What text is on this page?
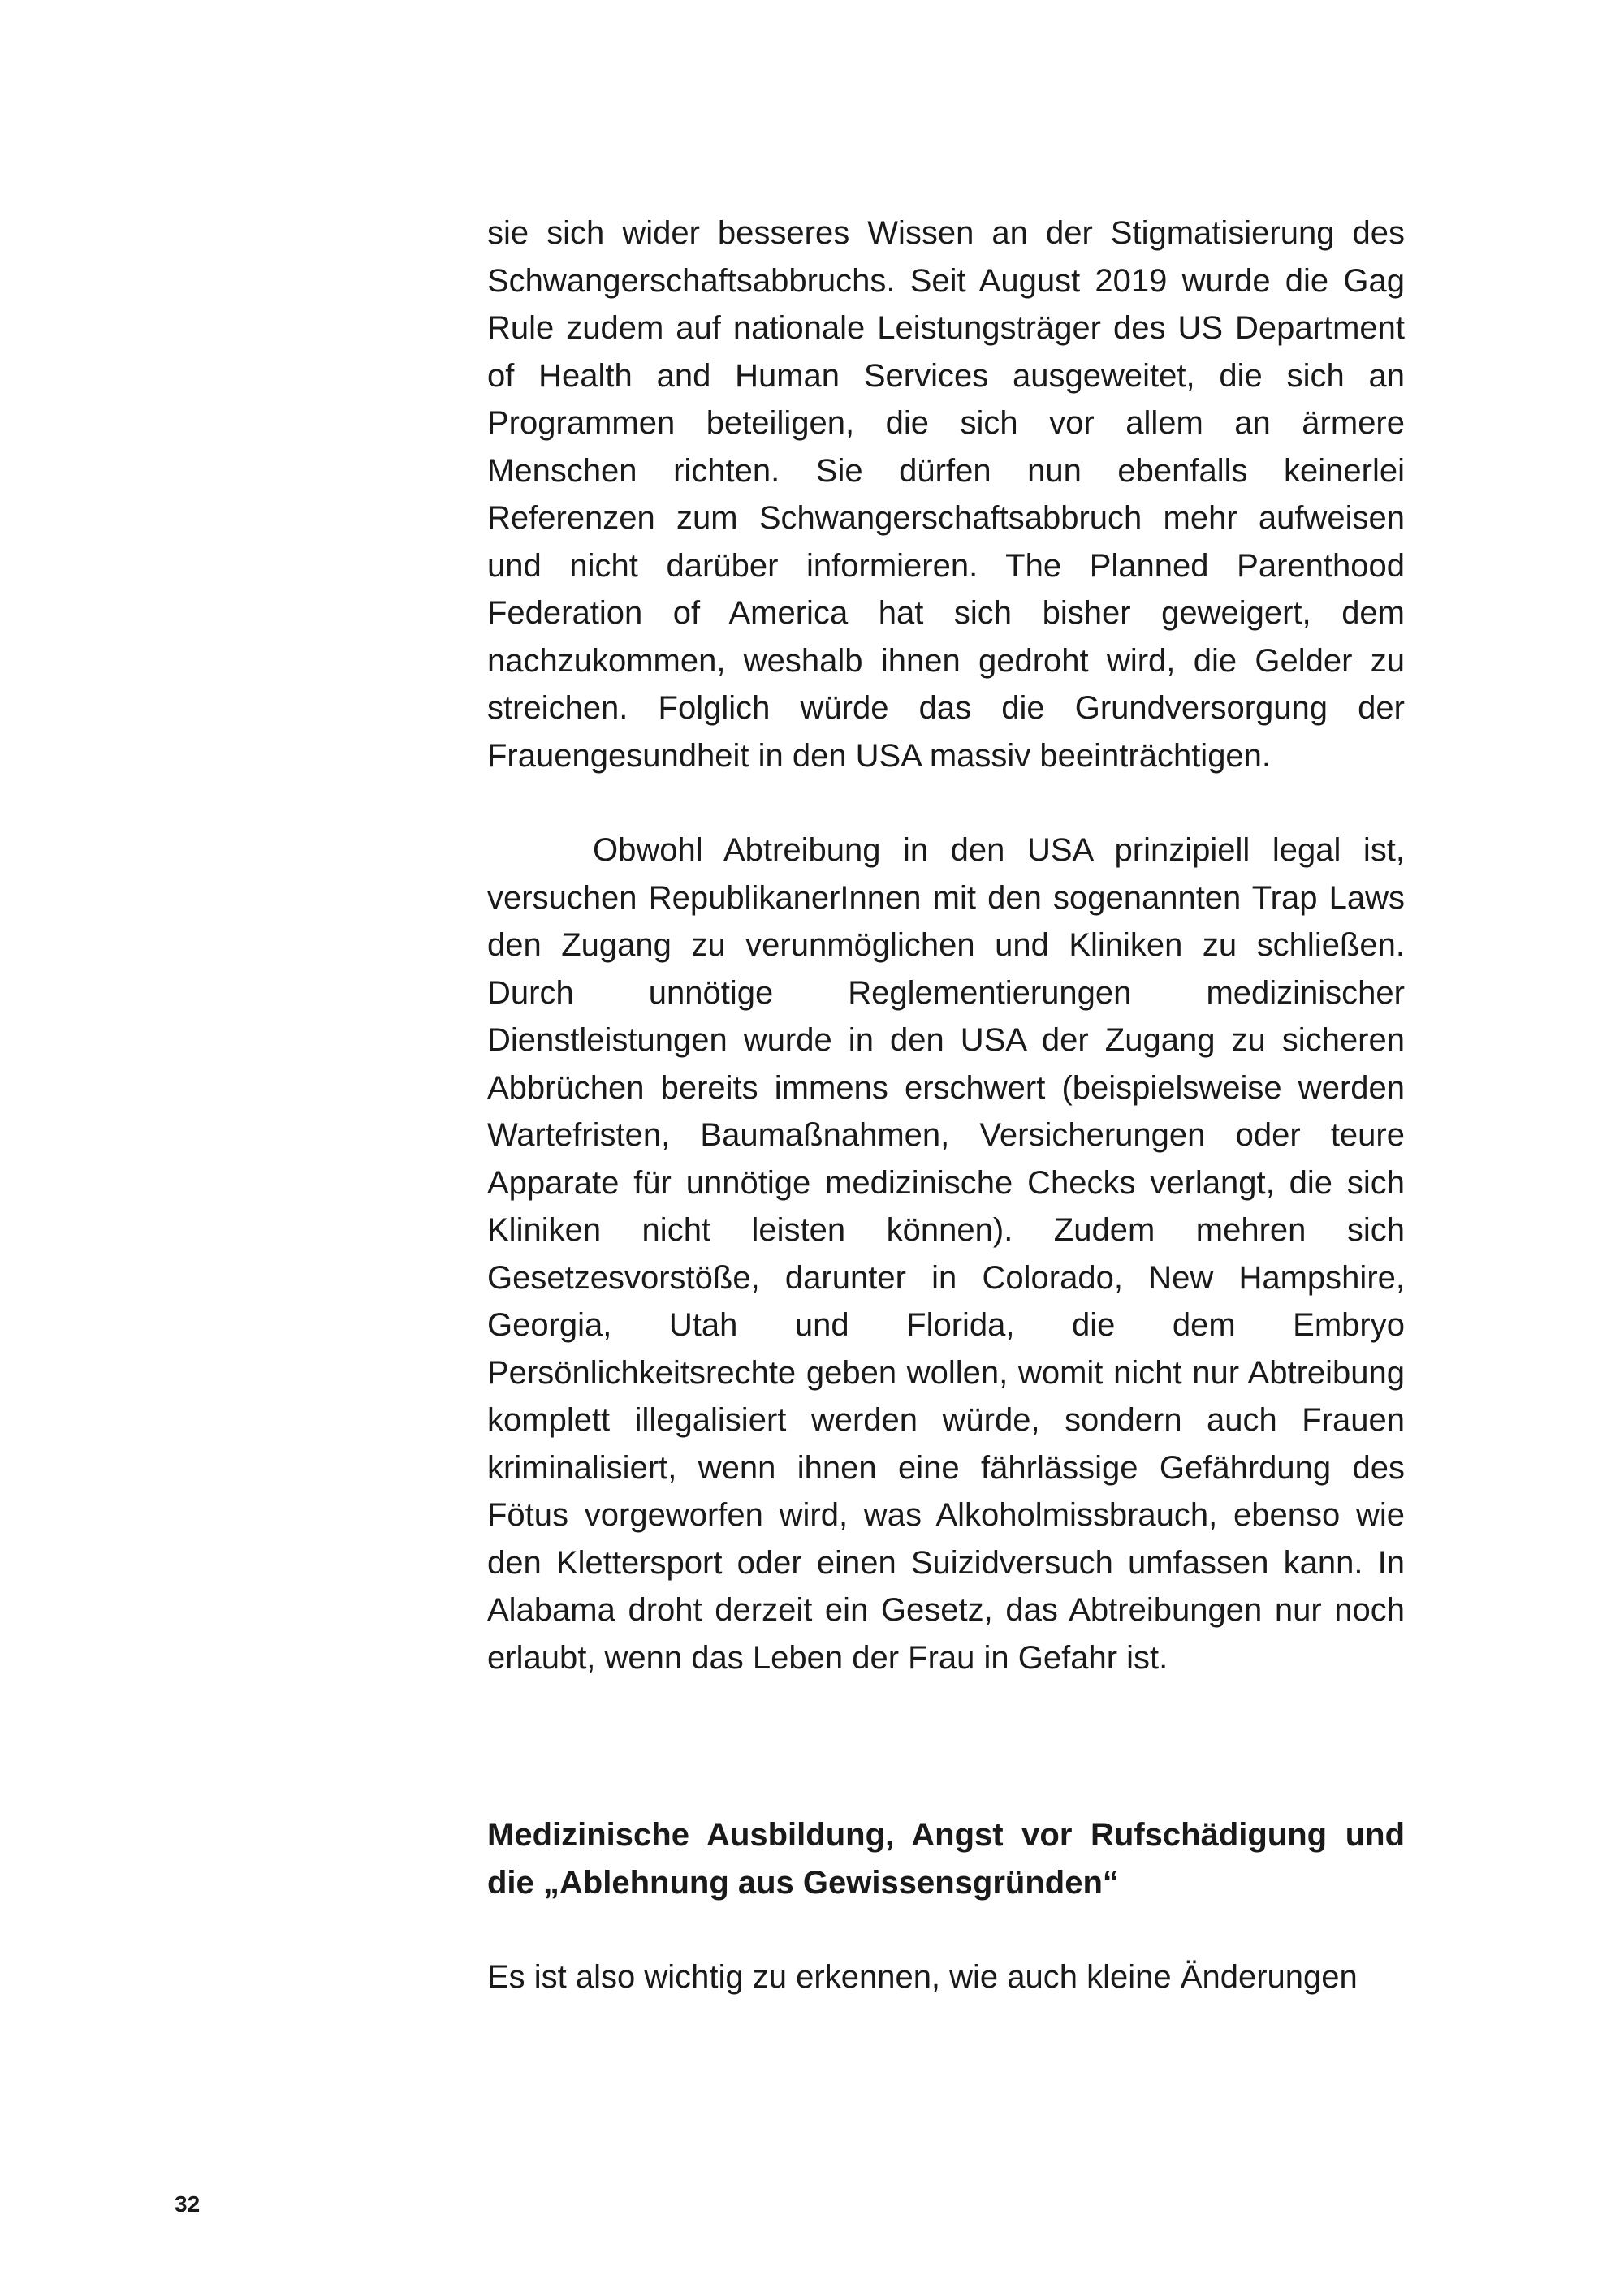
sie sich wider besseres Wissen an der Stigmatisierung des Schwangerschaftsabbruchs. Seit August 2019 wurde die Gag Rule zudem auf nationale Leistungsträger des US Department of Health and Human Services ausgeweitet, die sich an Programmen beteiligen, die sich vor allem an ärmere Menschen richten. Sie dürfen nun ebenfalls keinerlei Referenzen zum Schwangerschaftsabbruch mehr aufweisen und nicht darüber informieren. The Planned Parenthood Federation of America hat sich bisher geweigert, dem nachzukommen, weshalb ihnen gedroht wird, die Gelder zu streichen. Folglich würde das die Grundversorgung der Frauengesundheit in den USA massiv beeinträchtigen.

Obwohl Abtreibung in den USA prinzipiell legal ist, versuchen RepublikanerInnen mit den sogenannten Trap Laws den Zugang zu verunmöglichen und Kliniken zu schließen. Durch unnötige Reglementierungen medizinischer Dienstleistungen wurde in den USA der Zugang zu sicheren Abbrüchen bereits immens erschwert (beispielsweise werden Wartefristen, Baumaßnahmen, Versicherungen oder teure Apparate für unnötige medizinische Checks verlangt, die sich Kliniken nicht leisten können). Zudem mehren sich Gesetzesvorstöße, darunter in Colorado, New Hampshire, Georgia, Utah und Florida, die dem Embryo Persönlichkeitsrechte geben wollen, womit nicht nur Abtreibung komplett illegalisiert werden würde, sondern auch Frauen kriminalisiert, wenn ihnen eine fährlässige Gefährdung des Fötus vorgeworfen wird, was Alkoholmissbrauch, ebenso wie den Klettersport oder einen Suizidversuch umfassen kann. In Alabama droht derzeit ein Gesetz, das Abtreibungen nur noch erlaubt, wenn das Leben der Frau in Gefahr ist.

Medizinische Ausbildung, Angst vor Rufschädigung und die „Ablehnung aus Gewissensgründen“

Es ist also wichtig zu erkennen, wie auch kleine Änderungen

32
